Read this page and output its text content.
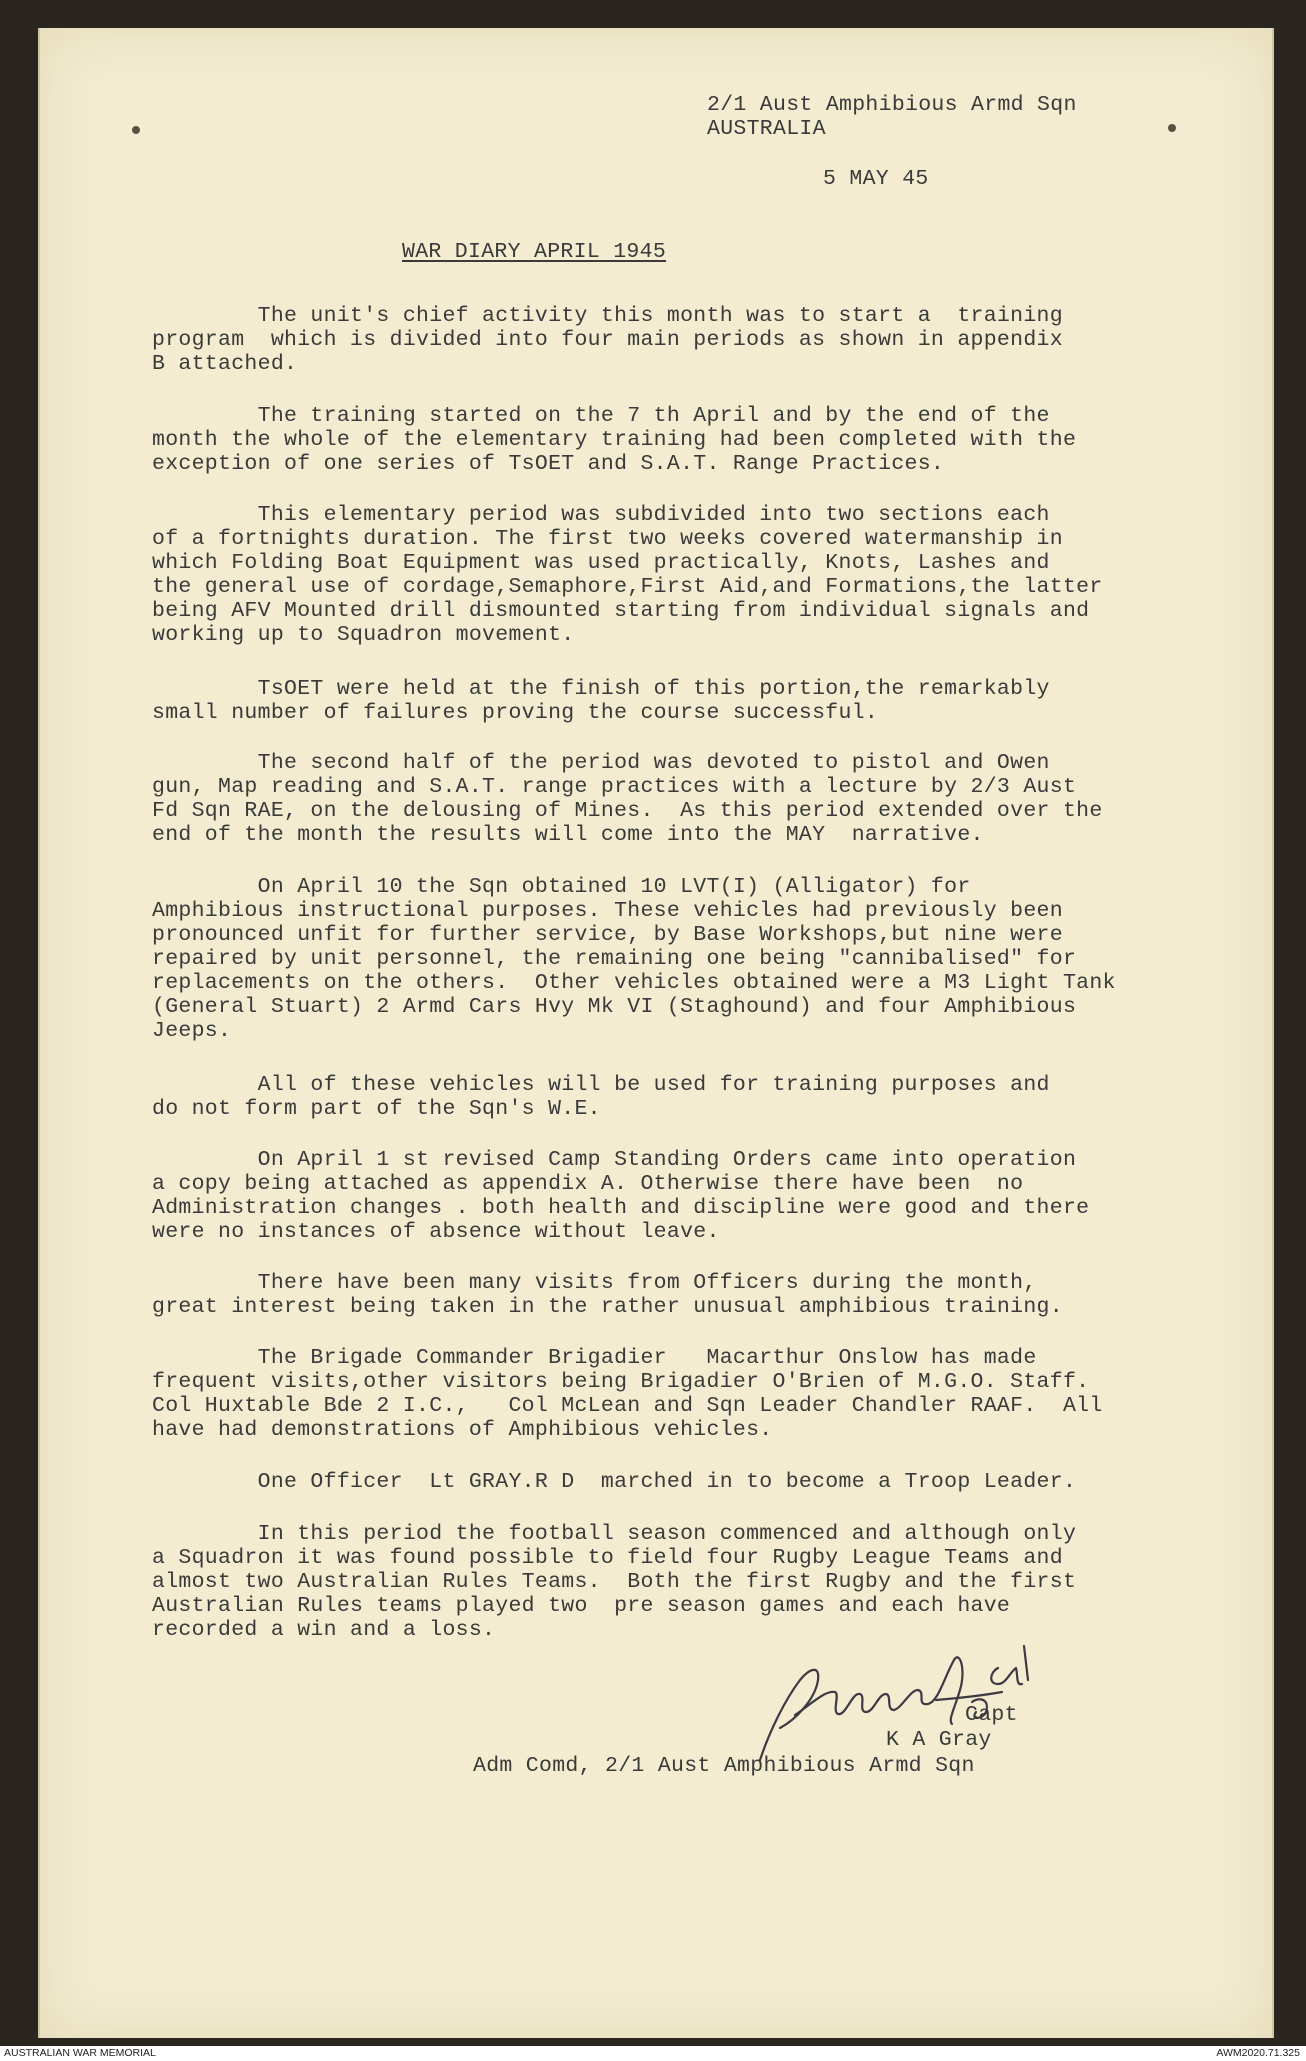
2/1 Aust Amphibious Armd Sqn
AUSTRALIA
5 MAY 45
WAR DIARY APRIL 1945
The unit's chief activity this month was to start a  training
program  which is divided into four main periods as shown in appendix
B attached.
The training started on the 7 th April and by the end of the
month the whole of the elementary training had been completed with the
exception of one series of TsOET and S.A.T. Range Practices.
This elementary period was subdivided into two sections each
of a fortnights duration. The first two weeks covered watermanship in
which Folding Boat Equipment was used practically, Knots, Lashes and
the general use of cordage,Semaphore,First Aid,and Formations,the latter
being AFV Mounted drill dismounted starting from individual signals and
working up to Squadron movement.
TsOET were held at the finish of this portion,the remarkably
small number of failures proving the course successful.
The second half of the period was devoted to pistol and Owen
gun, Map reading and S.A.T. range practices with a lecture by 2/3 Aust
Fd Sqn RAE, on the delousing of Mines.  As this period extended over the
end of the month the results will come into the MAY  narrative.
On April 10 the Sqn obtained 10 LVT(I) (Alligator) for
Amphibious instructional purposes. These vehicles had previously been
pronounced unfit for further service, by Base Workshops,but nine were
repaired by unit personnel, the remaining one being "cannibalised" for
replacements on the others.  Other vehicles obtained were a M3 Light Tank
(General Stuart) 2 Armd Cars Hvy Mk VI (Staghound) and four Amphibious
Jeeps.
All of these vehicles will be used for training purposes and
do not form part of the Sqn's W.E.
On April 1 st revised Camp Standing Orders came into operation
a copy being attached as appendix A. Otherwise there have been  no
Administration changes . both health and discipline were good and there
were no instances of absence without leave.
There have been many visits from Officers during the month,
great interest being taken in the rather unusual amphibious training.
The Brigade Commander Brigadier   Macarthur Onslow has made
frequent visits,other visitors being Brigadier O'Brien of M.G.O. Staff.
Col Huxtable Bde 2 I.C.,   Col McLean and Sqn Leader Chandler RAAF.  All
have had demonstrations of Amphibious vehicles.
One Officer  Lt GRAY.R D  marched in to become a Troop Leader.
In this period the football season commenced and although only
a Squadron it was found possible to field four Rugby League Teams and
almost two Australian Rules Teams.  Both the first Rugby and the first
Australian Rules teams played two  pre season games and each have
recorded a win and a loss.
Capt
K A Gray
Adm Comd, 2/1 Aust Amphibious Armd Sqn
AUSTRALIAN WAR MEMORIAL	AWM2020.71.325
